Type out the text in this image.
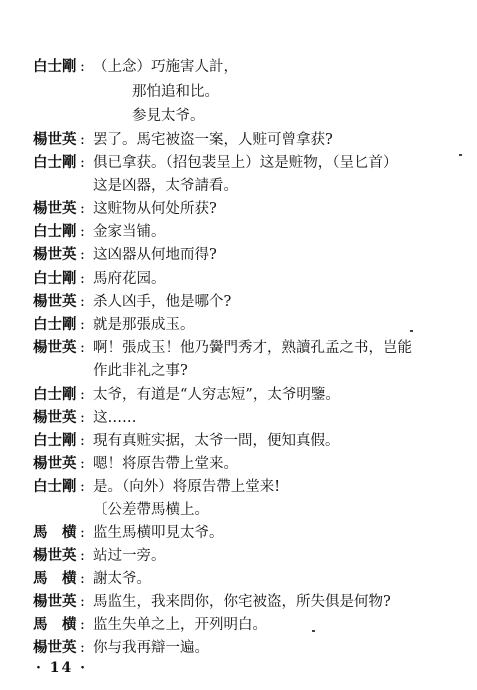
白士剛 : （上念）巧施害人計，
那怕追和比。
参見太爷。
楊世英 : 罢了。馬宅被盗一案，人赃可曾拿获?
白士剛 : 俱已拿获。（招包裴呈上）这是赃物，（呈匕首）
这是凶器，太爷請看。
楊世英 : 这赃物从何处所获?
白士剛 : 金家当铺。
楊世英 : 这凶器从何地而得?
白士剛 : 馬府花园。
楊世英 : 杀人凶手，他是哪个?
白士剛 : 就是那張成玉。
楊世英 : 啊！張成玉！他乃黌門秀才，熟讀孔孟之书，岂能
作此非礼之事?
白士剛 : 太爷，有道是“人穷志短”，太爷明鑒。
楊世英 : 这……
白士剛 : 現有真赃实据，太爷一問，便知真假。
楊世英 : 嗯！将原告帶上堂来。
白士剛 : 是。（向外）将原告帶上堂来!
〔公差帶馬横上。
馬　横 : 监生馬横叩見太爷。
楊世英 : 站过一旁。
馬　横 : 謝太爷。
楊世英 : 馬监生，我来問你，你宅被盗，所失俱是何物?
馬　横 : 监生失单之上，开列明白。
楊世英 : 你与我再辯一遍。
· 14 ·
